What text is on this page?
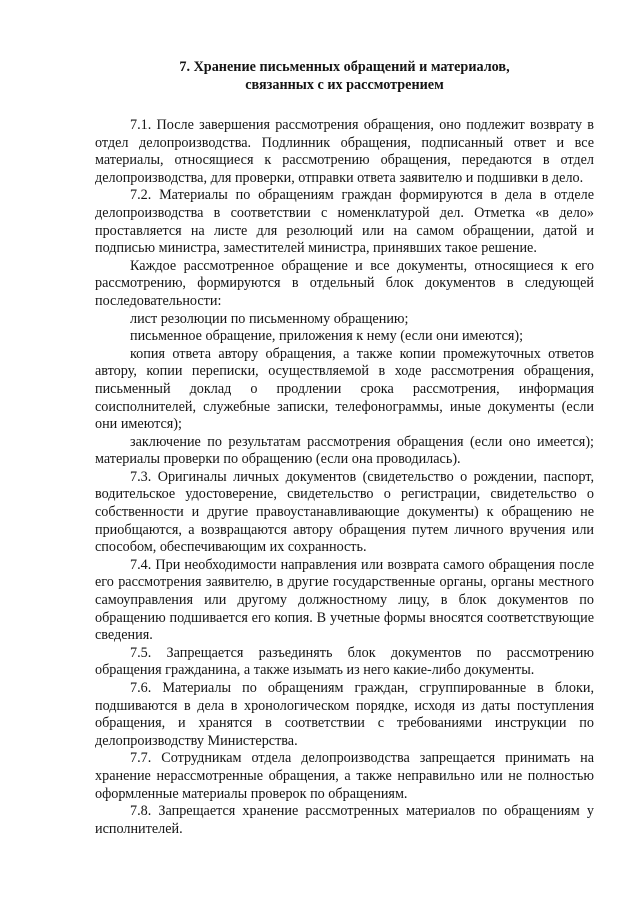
7. Хранение письменных обращений и материалов,
связанных с их рассмотрением

7.1. После завершения рассмотрения обращения, оно подлежит возврату в отдел делопроизводства. Подлинник обращения, подписанный ответ и все материалы, относящиеся к рассмотрению обращения, передаются в отдел делопроизводства, для проверки, отправки ответа заявителю и подшивки в дело.

7.2. Материалы по обращениям граждан формируются в дела в отделе делопроизводства в соответствии с номенклатурой дел. Отметка «в дело» проставляется на листе для резолюций или на самом обращении, датой и подписью министра, заместителей министра, принявших такое решение.

Каждое рассмотренное обращение и все документы, относящиеся к его рассмотрению, формируются в отдельный блок документов в следующей последовательности:

лист резолюции по письменному обращению;

письменное обращение, приложения к нему (если они имеются);

копия ответа автору обращения, а также копии промежуточных ответов автору, копии переписки, осуществляемой в ходе рассмотрения обращения, письменный доклад о продлении срока рассмотрения, информация соисполнителей, служебные записки, телефонограммы, иные документы (если они имеются);

заключение по результатам рассмотрения обращения (если оно имеется); материалы проверки по обращению (если она проводилась).

7.3. Оригиналы личных документов (свидетельство о рождении, паспорт, водительское удостоверение, свидетельство о регистрации, свидетельство о собственности и другие правоустанавливающие документы) к обращению не приобщаются, а возвращаются автору обращения путем личного вручения или способом, обеспечивающим их сохранность.

7.4. При необходимости направления или возврата самого обращения после его рассмотрения заявителю, в другие государственные органы, органы местного самоуправления или другому должностному лицу, в блок документов по обращению подшивается его копия. В учетные формы вносятся соответствующие сведения.

7.5. Запрещается разъединять блок документов по рассмотрению обращения гражданина, а также изымать из него какие-либо документы.

7.6. Материалы по обращениям граждан, сгруппированные в блоки, подшиваются в дела в хронологическом порядке, исходя из даты поступления обращения, и хранятся в соответствии с требованиями инструкции по делопроизводству Министерства.

7.7. Сотрудникам отдела делопроизводства запрещается принимать на хранение нерассмотренные обращения, а также неправильно или не полностью оформленные материалы проверок по обращениям.

7.8. Запрещается хранение рассмотренных материалов по обращениям у исполнителей.
